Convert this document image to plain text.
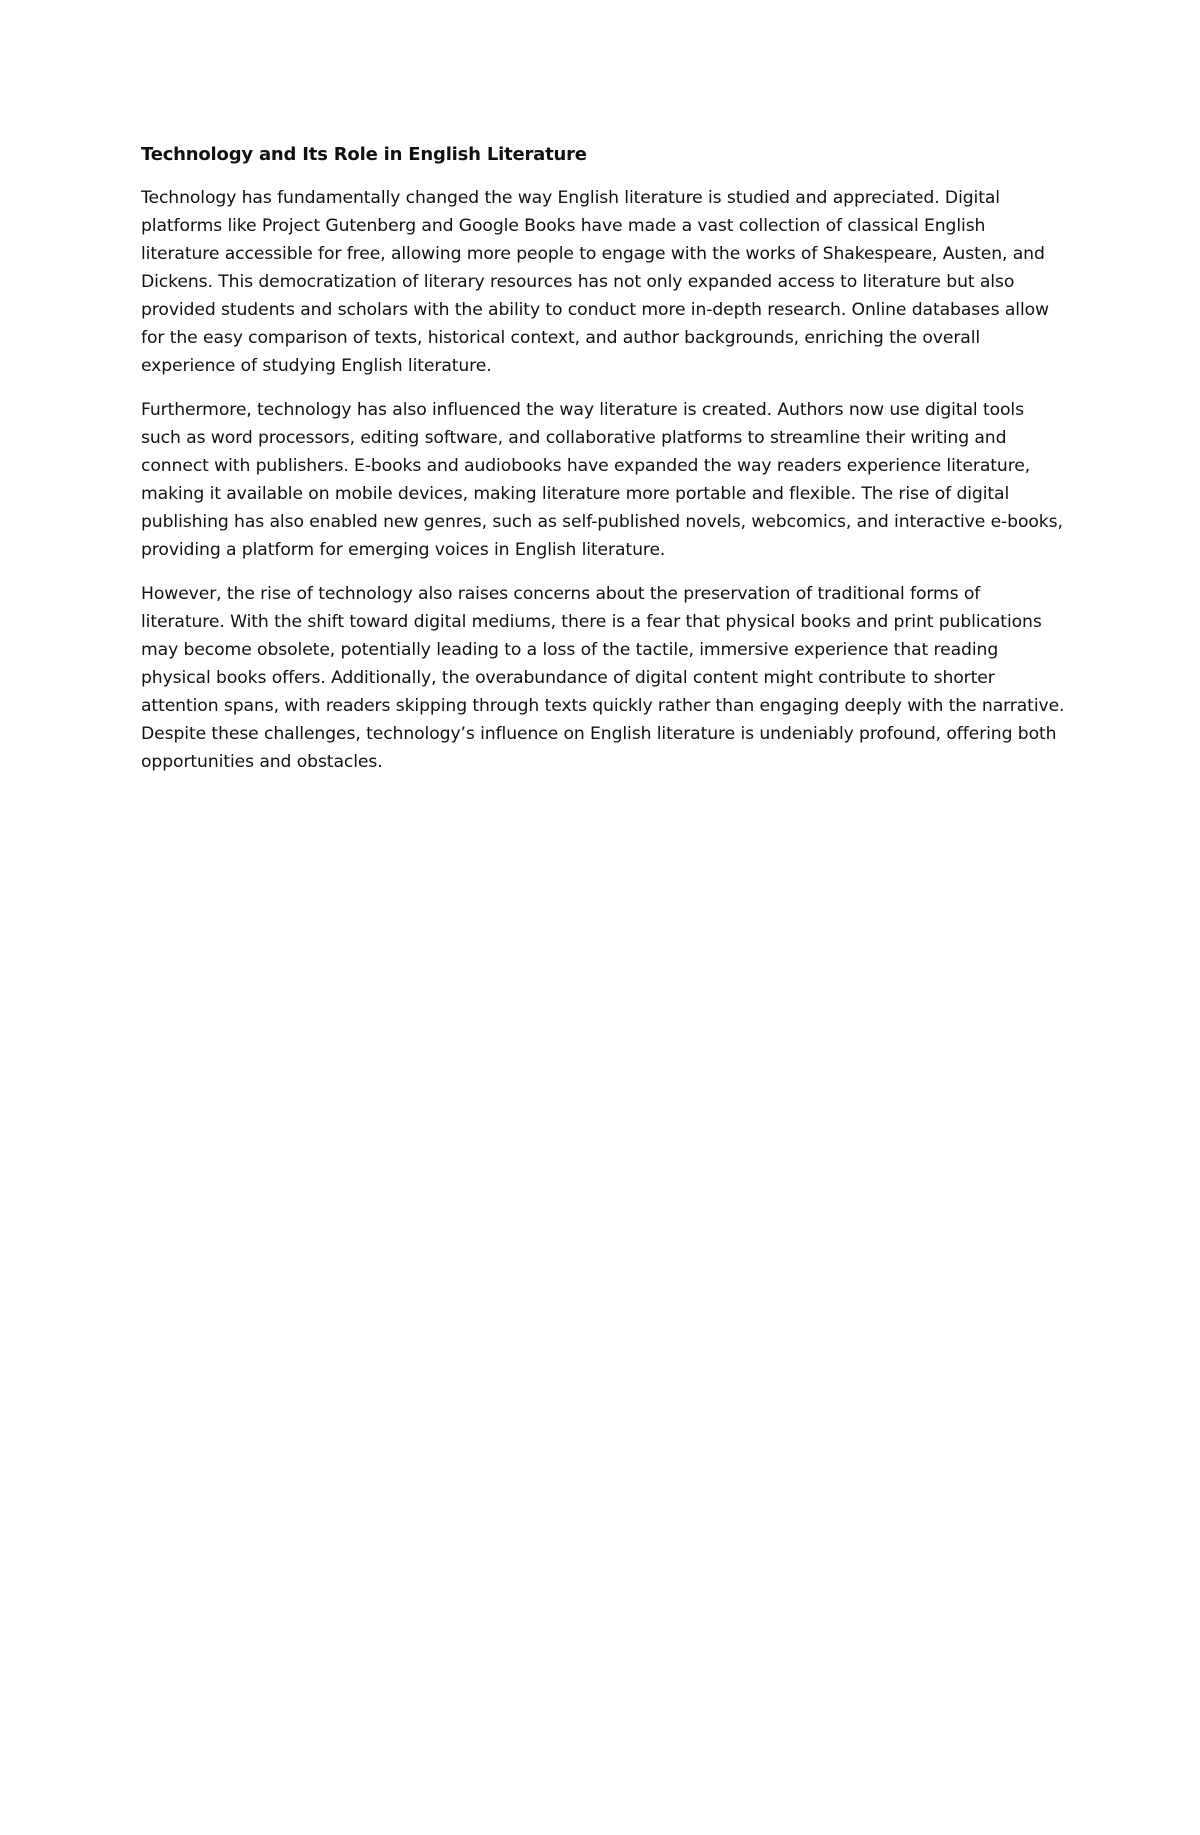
Technology and Its Role in English Literature

Technology has fundamentally changed the way English literature is studied and appreciated. Digital platforms like Project Gutenberg and Google Books have made a vast collection of classical English literature accessible for free, allowing more people to engage with the works of Shakespeare, Austen, and Dickens. This democratization of literary resources has not only expanded access to literature but also provided students and scholars with the ability to conduct more in-depth research. Online databases allow for the easy comparison of texts, historical context, and author backgrounds, enriching the overall experience of studying English literature.

Furthermore, technology has also influenced the way literature is created. Authors now use digital tools such as word processors, editing software, and collaborative platforms to streamline their writing and connect with publishers. E-books and audiobooks have expanded the way readers experience literature, making it available on mobile devices, making literature more portable and flexible. The rise of digital publishing has also enabled new genres, such as self-published novels, webcomics, and interactive e-books, providing a platform for emerging voices in English literature.

However, the rise of technology also raises concerns about the preservation of traditional forms of literature. With the shift toward digital mediums, there is a fear that physical books and print publications may become obsolete, potentially leading to a loss of the tactile, immersive experience that reading physical books offers. Additionally, the overabundance of digital content might contribute to shorter attention spans, with readers skipping through texts quickly rather than engaging deeply with the narrative. Despite these challenges, technology’s influence on English literature is undeniably profound, offering both opportunities and obstacles.
